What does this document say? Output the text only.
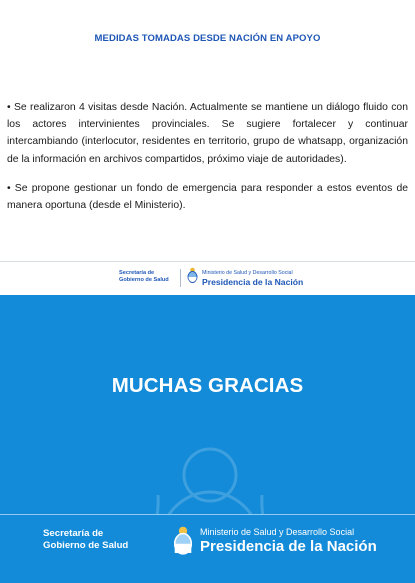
MEDIDAS TOMADAS DESDE NACIÓN EN APOYO

• Se realizaron 4 visitas desde Nación. Actualmente se mantiene un diálogo fluido con los actores intervinientes provinciales. Se sugiere fortalecer y continuar intercambiando (interlocutor, residentes en territorio, grupo de whatsapp, organización de la información en archivos compartidos, próximo viaje de autoridades).

• Se propone gestionar un fondo de emergencia para responder a estos eventos de manera oportuna (desde el Ministerio).

Secretaría de
Gobierno de Salud
Ministerio de Salud y Desarrollo Social
Presidencia de la Nación
MUCHAS GRACIAS
Secretaría de
Gobierno de Salud
Ministerio de Salud y Desarrollo Social
Presidencia de la Nación
